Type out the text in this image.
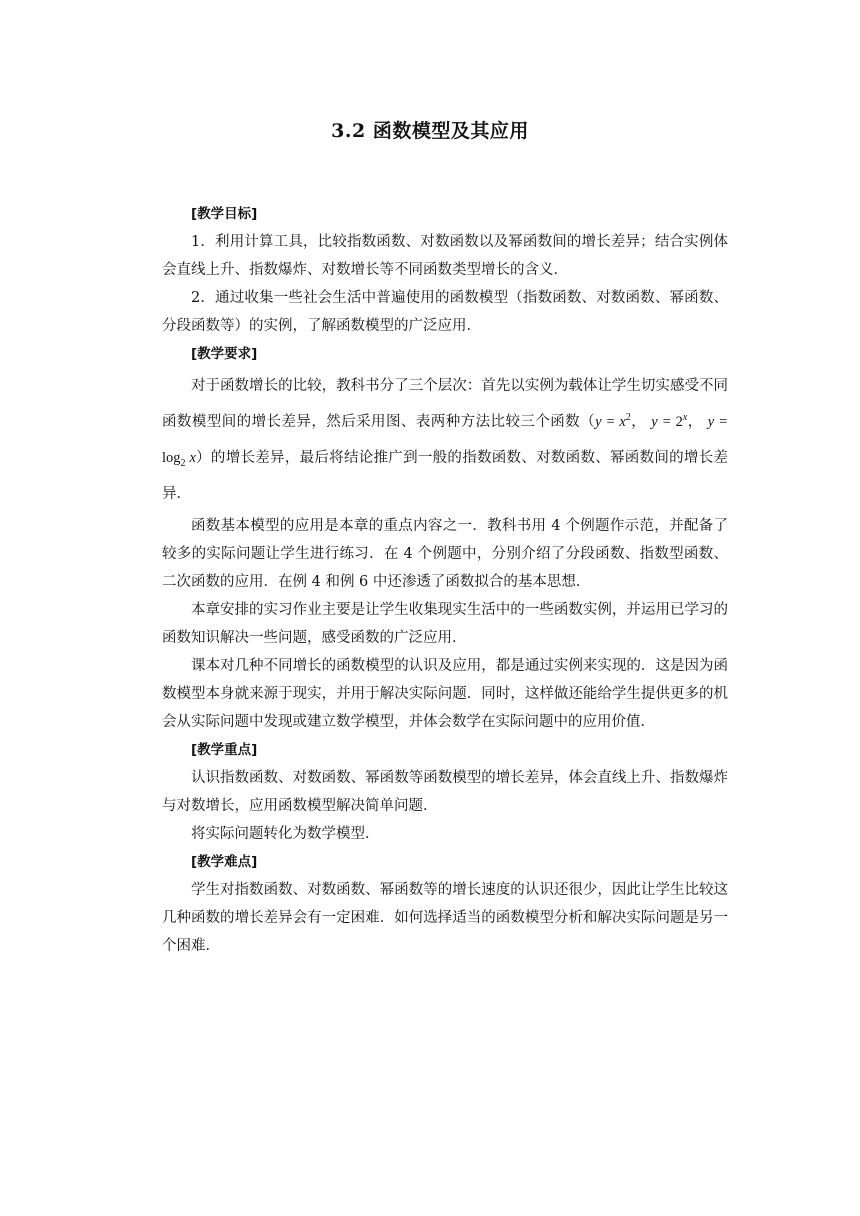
3.2 函数模型及其应用

[教学目标]

1．利用计算工具，比较指数函数、对数函数以及幂函数间的增长差异；结合实例体会直线上升、指数爆炸、对数增长等不同函数类型增长的含义．

2．通过收集一些社会生活中普遍使用的函数模型（指数函数、对数函数、幂函数、分段函数等）的实例，了解函数模型的广泛应用．

[教学要求]

对于函数增长的比较，教科书分了三个层次：首先以实例为载体让学生切实感受不同函数模型间的增长差异，然后采用图、表两种方法比较三个函数（$y = x^2$， $y = 2^x$， $y = \log_2 x$）的增长差异，最后将结论推广到一般的指数函数、对数函数、幂函数间的增长差异．

函数基本模型的应用是本章的重点内容之一．教科书用 4 个例题作示范，并配备了较多的实际问题让学生进行练习．在 4 个例题中，分别介绍了分段函数、指数型函数、二次函数的应用．在例 4 和例 6 中还渗透了函数拟合的基本思想．

本章安排的实习作业主要是让学生收集现实生活中的一些函数实例，并运用已学习的函数知识解决一些问题，感受函数的广泛应用．

课本对几种不同增长的函数模型的认识及应用，都是通过实例来实现的．这是因为函数模型本身就来源于现实，并用于解决实际问题．同时，这样做还能给学生提供更多的机会从实际问题中发现或建立数学模型，并体会数学在实际问题中的应用价值．

[教学重点]

认识指数函数、对数函数、幂函数等函数模型的增长差异，体会直线上升、指数爆炸与对数增长，应用函数模型解决简单问题．

将实际问题转化为数学模型．

[教学难点]

学生对指数函数、对数函数、幂函数等的增长速度的认识还很少，因此让学生比较这几种函数的增长差异会有一定困难．如何选择适当的函数模型分析和解决实际问题是另一个困难．
